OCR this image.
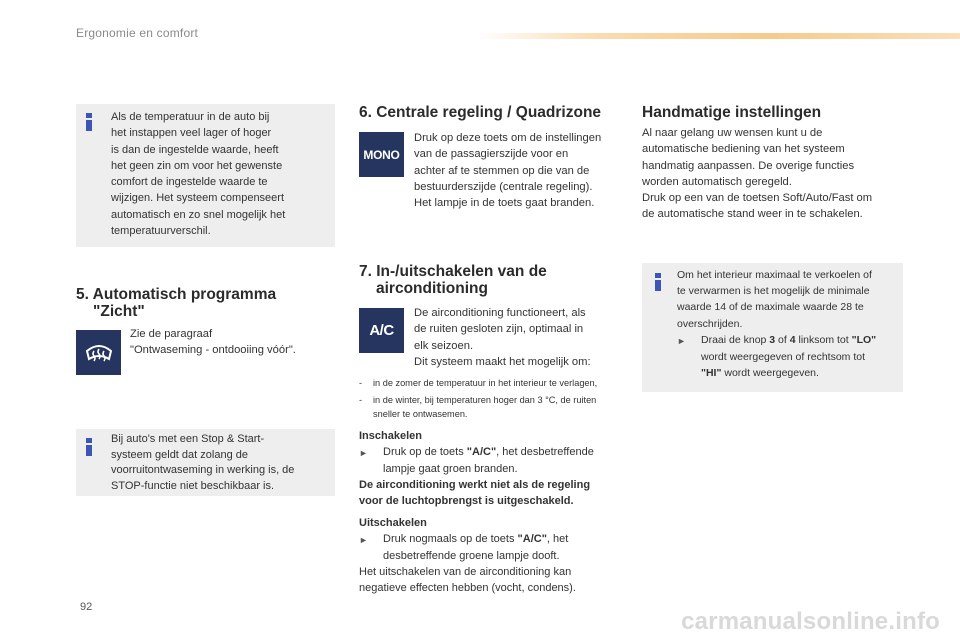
Ergonomie en comfort
Als de temperatuur in de auto bij
het instappen veel lager of hoger
is dan de ingestelde waarde, heeft
het geen zin om voor het gewenste
comfort de ingestelde waarde te
wijzigen. Het systeem compenseert
automatisch en zo snel mogelijk het
temperatuurverschil.
5. Automatisch programma
"Zicht"
Zie de paragraaf
"Ontwaseming - ontdooiing vóór".
Bij auto's met een Stop & Start-
systeem geldt dat zolang de
voorruitontwaseming in werking is, de
STOP-functie niet beschikbaar is.
6. Centrale regeling / Quadrizone
MONO
Druk op deze toets om de instellingen
van de passagierszijde voor en
achter af te stemmen op die van de
bestuurderszijde (centrale regeling).
Het lampje in de toets gaat branden.
7. In-/uitschakelen van de
airconditioning
A/C
De airconditioning functioneert, als
de ruiten gesloten zijn, optimaal in
elk seizoen.
Dit systeem maakt het mogelijk om:
-	in de zomer de temperatuur in het interieur te verlagen,
-	in de winter, bij temperaturen hoger dan 3 °C, de ruiten
sneller te ontwasemen.
Inschakelen
►	Druk op de toets "A/C", het desbetreffende
lampje gaat groen branden.
De airconditioning werkt niet als de regeling
voor de luchtopbrengst is uitgeschakeld.
Uitschakelen
►	Druk nogmaals op de toets "A/C", het
desbetreffende groene lampje dooft.
Het uitschakelen van de airconditioning kan
negatieve effecten hebben (vocht, condens).
Handmatige instellingen
Al naar gelang uw wensen kunt u de
automatische bediening van het systeem
handmatig aanpassen. De overige functies
worden automatisch geregeld.
Druk op een van de toetsen Soft/Auto/Fast om
de automatische stand weer in te schakelen.
Om het interieur maximaal te verkoelen of
te verwarmen is het mogelijk de minimale
waarde 14 of de maximale waarde 28 te
overschrijden.
►	Draai de knop 3 of 4 linksom tot "LO"
wordt weergegeven of rechtsom tot
"HI" wordt weergegeven.
92
carmanualsonline.info
